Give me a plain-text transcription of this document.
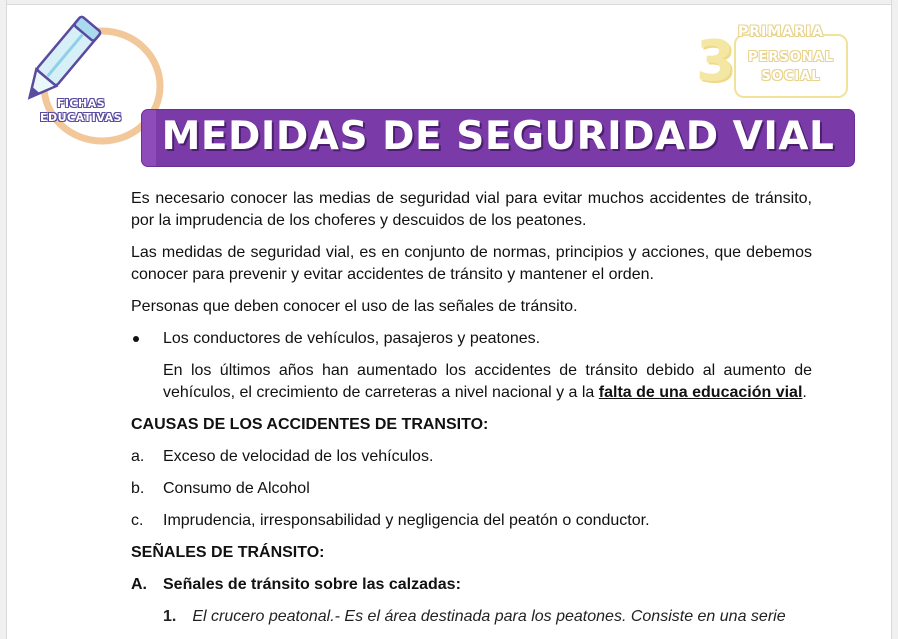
FICHAS
EDUCATIVAS
3 PRIMARIA
PERSONAL
SOCIAL
MEDIDAS DE SEGURIDAD VIAL

Es necesario conocer las medias de seguridad vial para evitar muchos accidentes de tránsito, por la imprudencia de los choferes y descuidos de los peatones.

Las medidas de seguridad vial, es en conjunto de normas, principios y acciones, que debemos conocer para prevenir y evitar accidentes de tránsito y mantener el orden.

Personas que deben conocer el uso de las señales de tránsito.

Los conductores de vehículos, pasajeros y peatones.

En los últimos años han aumentado los accidentes de tránsito debido al aumento de vehículos, el crecimiento de carreteras a nivel nacional y a la falta de una educación vial.

CAUSAS DE LOS ACCIDENTES DE TRANSITO:
a.	Exceso de velocidad de los vehículos.
b.	Consumo de Alcohol
c.	Imprudencia, irresponsabilidad y negligencia del peatón o conductor.
SEÑALES DE TRÁNSITO:
A.	Señales de tránsito sobre las calzadas:
1. El crucero peatonal.- Es el área destinada para los peatones. Consiste en una serie
